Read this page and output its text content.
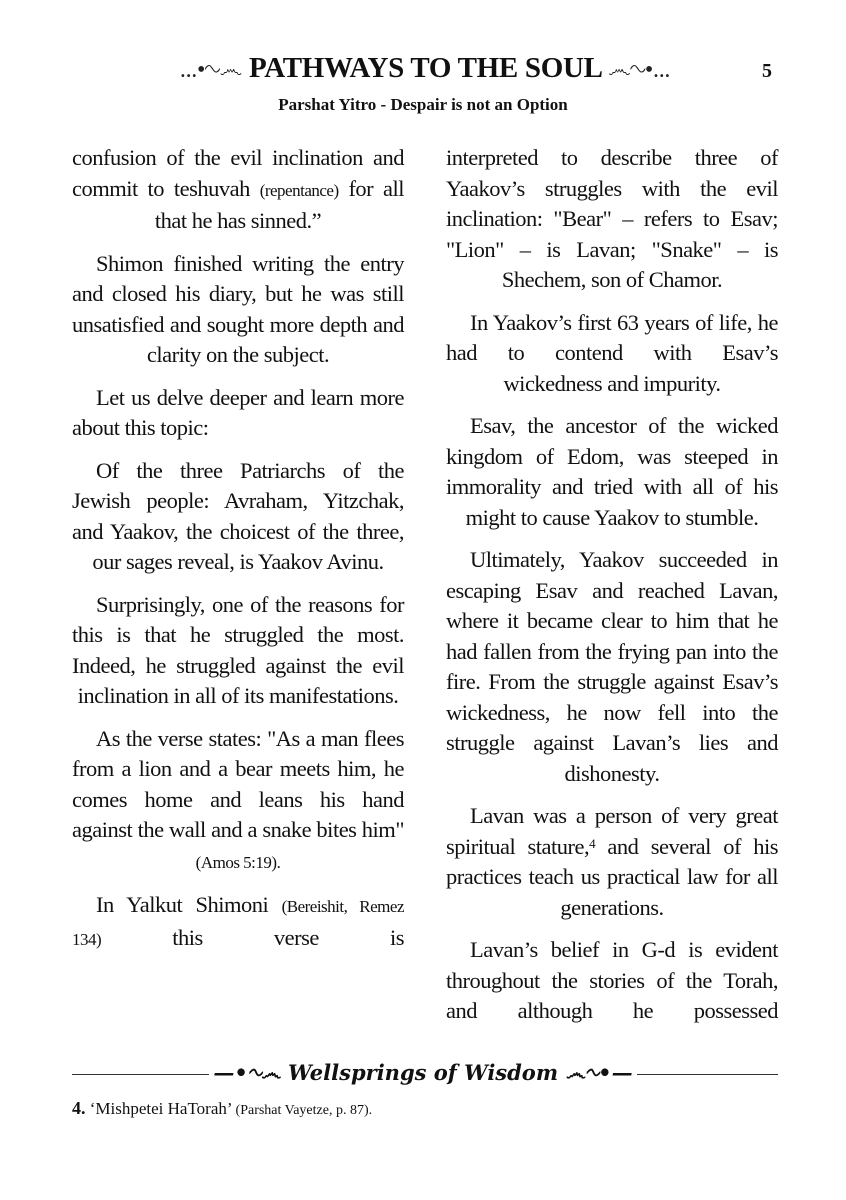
...•∿෴ PATHWAYS TO THE SOUL ෴∿•...	5
Parshat Yitro - Despair is not an Option

confusion of the evil inclination and commit to teshuvah (repentance) for all that he has sinned.”

Shimon finished writing the entry and closed his diary, but he was still unsatisfied and sought more depth and clarity on the subject.

Let us delve deeper and learn more about this topic:

Of the three Patriarchs of the Jewish people: Avraham, Yitzchak, and Yaakov, the choicest of the three, our sages reveal, is Yaakov Avinu.

Surprisingly, one of the reasons for this is that he struggled the most. Indeed, he struggled against the evil inclination in all of its manifestations.

As the verse states: "As a man flees from a lion and a bear meets him, he comes home and leans his hand against the wall and a snake bites him" (Amos 5:19).

In Yalkut Shimoni (Bereishit, Remez 134) this verse is

interpreted to describe three of Yaakov’s struggles with the evil inclination: "Bear" – refers to Esav; "Lion" – is Lavan; "Snake" – is Shechem, son of Chamor.

In Yaakov’s first 63 years of life, he had to contend with Esav’s wickedness and impurity.

Esav, the ancestor of the wicked kingdom of Edom, was steeped in immorality and tried with all of his might to cause Yaakov to stumble.

Ultimately, Yaakov succeeded in escaping Esav and reached Lavan, where it became clear to him that he had fallen from the frying pan into the fire. From the struggle against Esav’s wickedness, he now fell into the struggle against Lavan’s lies and dishonesty.

Lavan was a person of very great spiritual stature,$^4$ and several of his practices teach us practical law for all generations.

Lavan’s belief in G-d is evident throughout the stories of the Torah, and although he possessed

—•∿෴ Wellsprings of Wisdom ෴∿•—
4. ‘Mishpetei HaTorah’ (Parshat Vayetze, p. 87).
